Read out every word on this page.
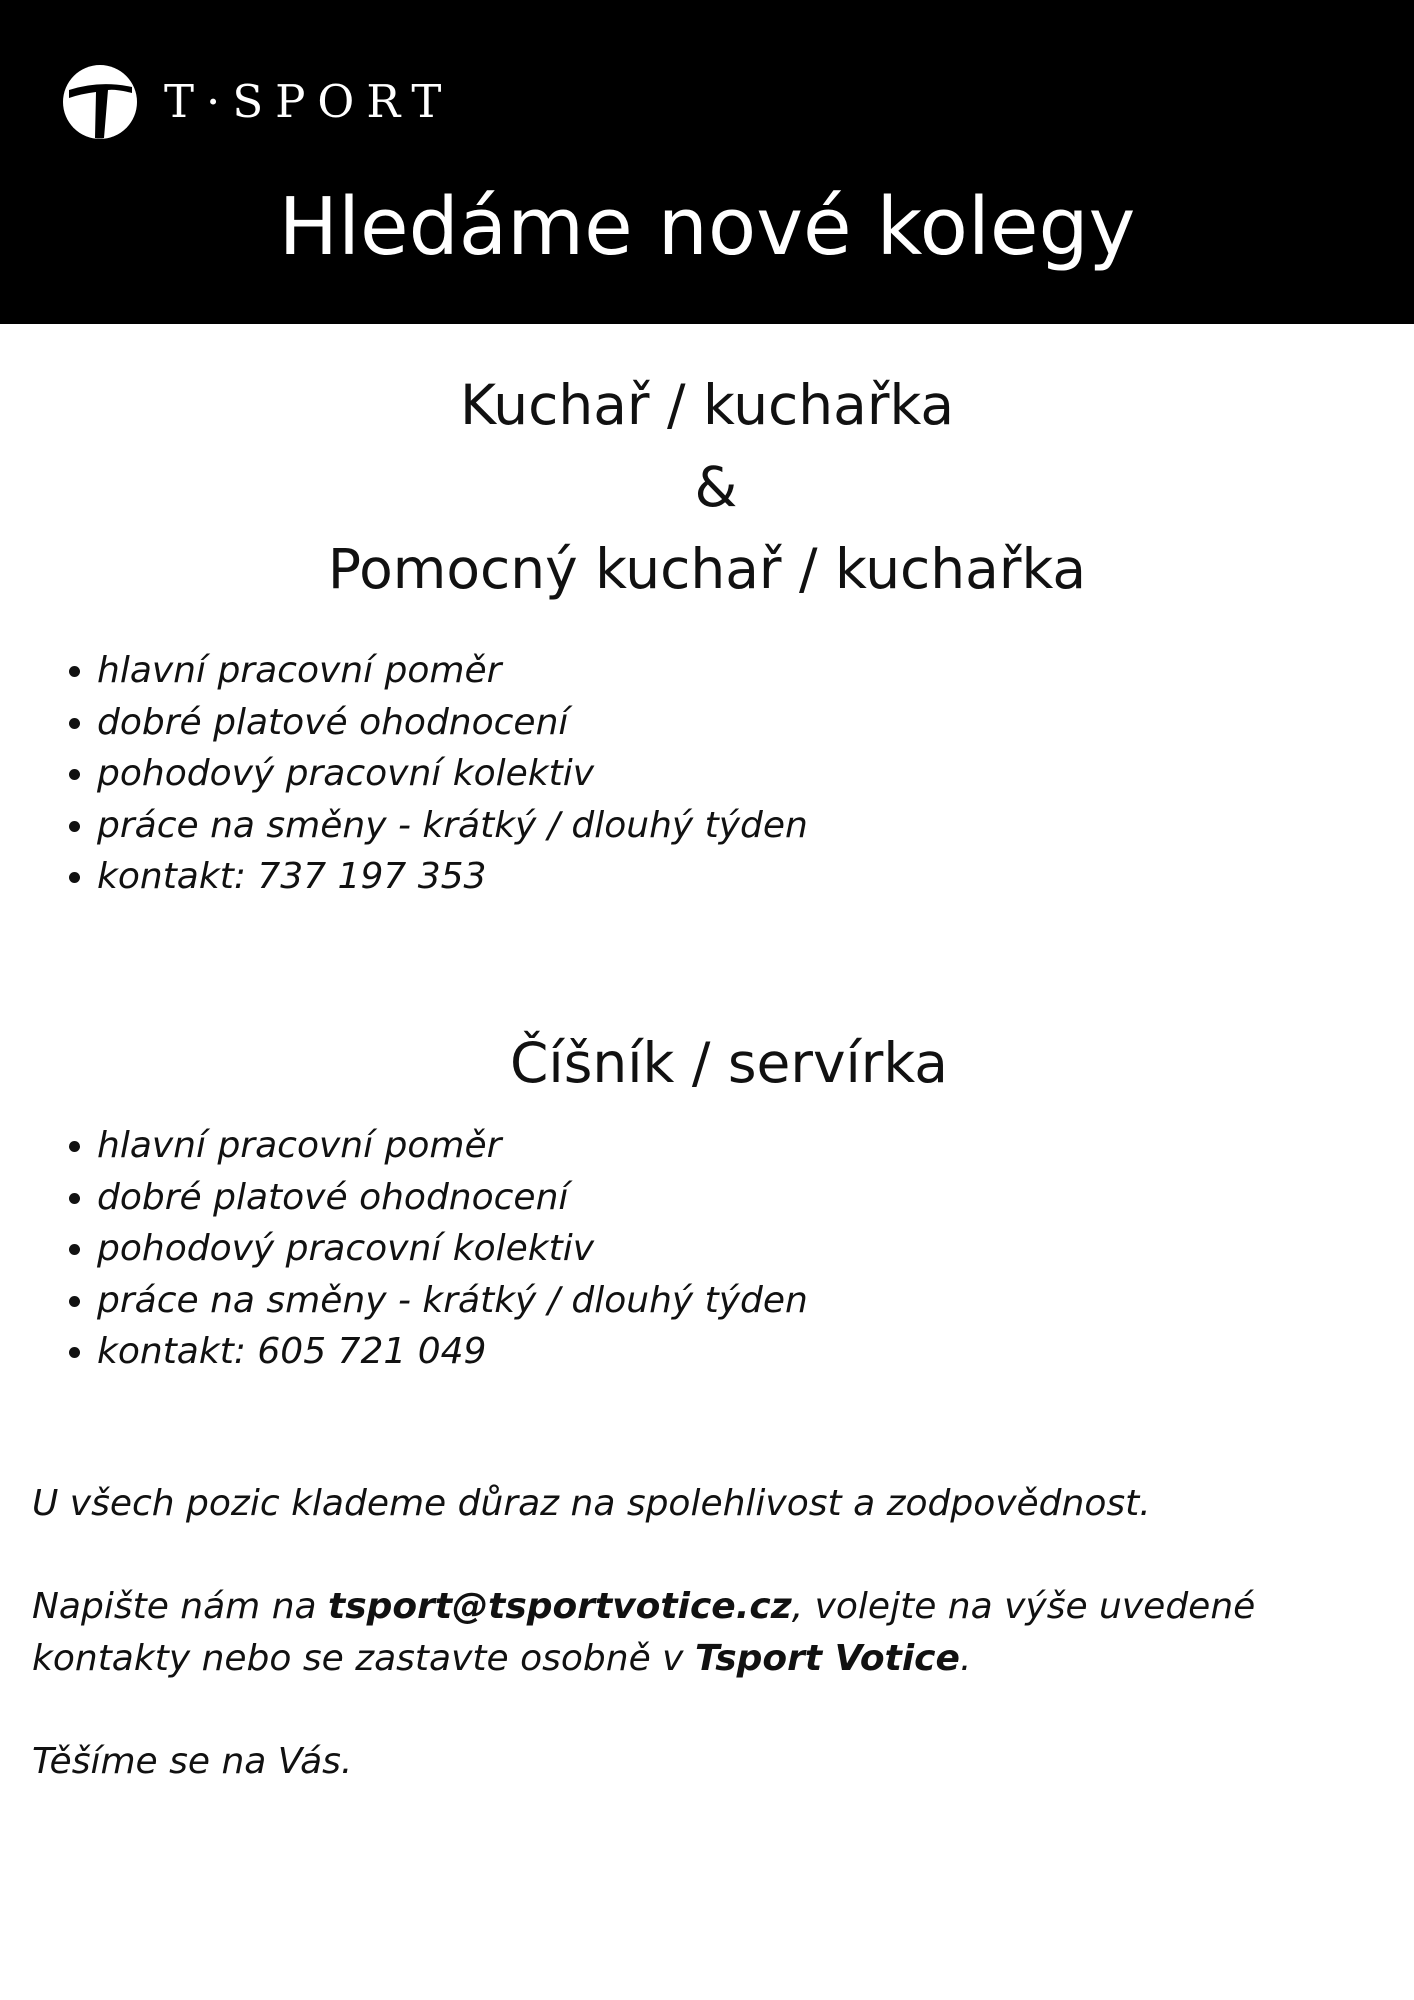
T·SPORT
Hledáme nové kolegy
Kuchař / kuchařka
&
Pomocný kuchař / kuchařka
• hlavní pracovní poměr
• dobré platové ohodnocení
• pohodový pracovní kolektiv
• práce na směny - krátký / dlouhý týden
• kontakt: 737 197 353
Číšník / servírka
• hlavní pracovní poměr
• dobré platové ohodnocení
• pohodový pracovní kolektiv
• práce na směny - krátký / dlouhý týden
• kontakt: 605 721 049

U všech pozic klademe důraz na spolehlivost a zodpovědnost.

Napište nám na tsport@tsportvotice.cz, volejte na výše uvedené kontakty nebo se zastavte osobně v Tsport Votice.

Těšíme se na Vás.
